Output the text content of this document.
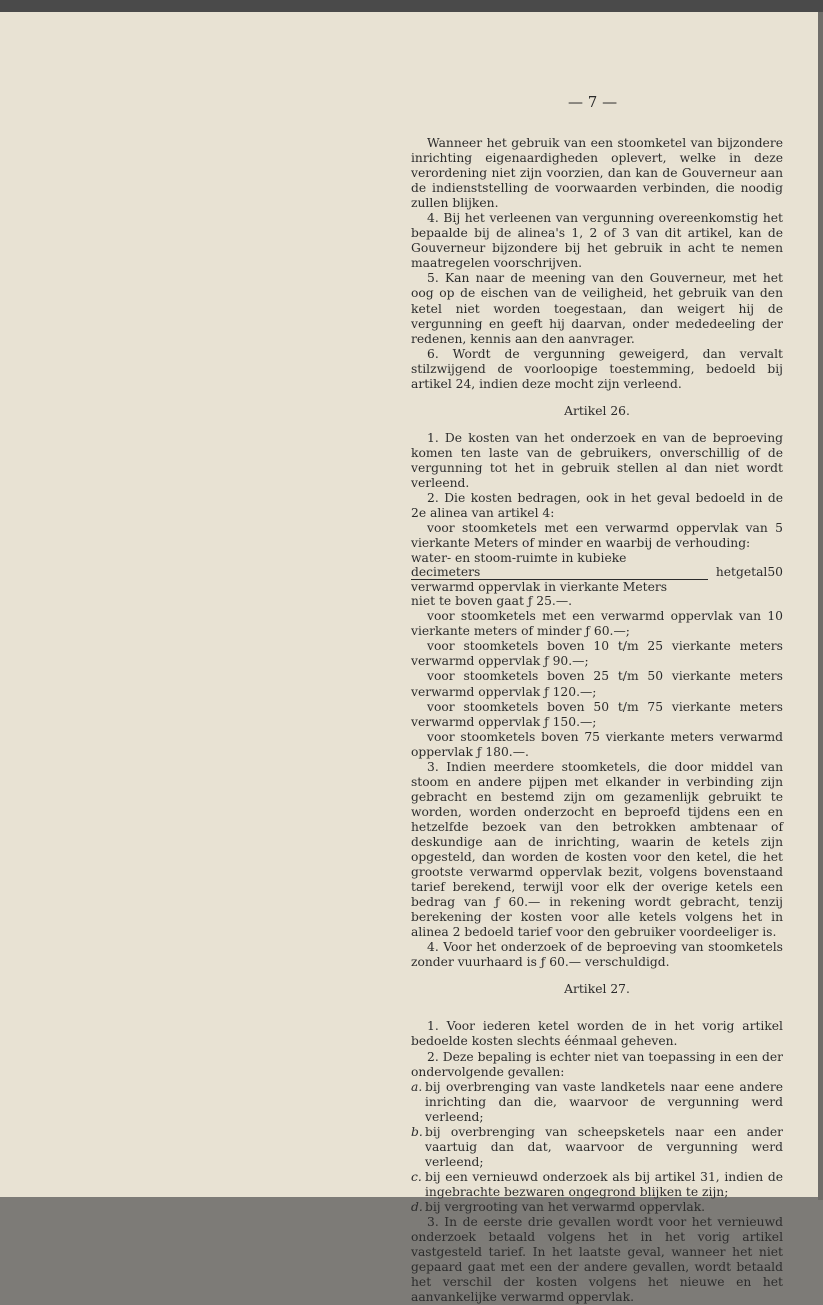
— 7 —

Wanneer het gebruik van een stoomketel van bijzondere inrichting eigenaardigheden oplevert, welke in deze verordening niet zijn voorzien, dan kan de Gouverneur aan de indienststelling de voorwaarden verbinden, die noodig zullen blijken.

4. Bij het verleenen van vergunning overeenkomstig het bepaalde bij de alinea's 1, 2 of 3 van dit artikel, kan de Gouverneur bijzondere bij het gebruik in acht te nemen maatregelen voorschrijven.

5. Kan naar de meening van den Gouverneur, met het oog op de eischen van de veiligheid, het gebruik van den ketel niet worden toegestaan, dan weigert hij de vergunning en geeft hij daarvan, onder mededeeling der redenen, kennis aan den aanvrager.

6. Wordt de vergunning geweigerd, dan vervalt stilzwijgend de voorloopige toestemming, bedoeld bij artikel 24, indien deze mocht zijn verleend.

Artikel 26.

1. De kosten van het onderzoek en van de beproeving komen ten laste van de gebruikers, onverschillig of de vergunning tot het in gebruik stellen al dan niet wordt verleend.

2. Die kosten bedragen, ook in het geval bedoeld in de 2e alinea van artikel 4:

voor stoomketels met een verwarmd oppervlak van 5 vierkante Meters of minder en waarbij de verhouding:

$\frac{\text{water- en stoom-ruimte in kubieke decimeters}}{\text{verwarmd oppervlak in vierkante Meters}}$ het getal 50

niet te boven gaat ƒ 25.—.

voor stoomketels met een verwarmd oppervlak van 10 vierkante meters of minder ƒ 60.—;

voor stoomketels boven 10 t/m 25 vierkante meters verwarmd oppervlak ƒ 90.—;

voor stoomketels boven 25 t/m 50 vierkante meters verwarmd oppervlak ƒ 120.—;

voor stoomketels boven 50 t/m 75 vierkante meters verwarmd oppervlak ƒ 150.—;

voor stoomketels boven 75 vierkante meters verwarmd oppervlak ƒ 180.—.

3. Indien meerdere stoomketels, die door middel van stoom en andere pijpen met elkander in verbinding zijn gebracht en bestemd zijn om gezamenlijk gebruikt te worden, worden onderzocht en beproefd tijdens een en hetzelfde bezoek van den betrokken ambtenaar of deskundige aan de inrichting, waarin de ketels zijn opgesteld, dan worden de kosten voor den ketel, die het grootste verwarmd oppervlak bezit, volgens bovenstaand tarief berekend, terwijl voor elk der overige ketels een bedrag van ƒ 60.— in rekening wordt gebracht, tenzij berekening der kosten voor alle ketels volgens het in alinea 2 bedoeld tarief voor den gebruiker voordeeliger is.

4. Voor het onderzoek of de beproeving van stoomketels zonder vuurhaard is ƒ 60.— verschuldigd.

Artikel 27.

1. Voor iederen ketel worden de in het vorig artikel bedoelde kosten slechts éénmaal geheven.

2. Deze bepaling is echter niet van toepassing in een der ondervolgende gevallen:

a. bij overbrenging van vaste landketels naar eene andere inrichting dan die, waarvoor de vergunning werd verleend;

b. bij overbrenging van scheepsketels naar een ander vaartuig dan dat, waarvoor de vergunning werd verleend;

c. bij een vernieuwd onderzoek als bij artikel 31, indien de ingebrachte bezwaren ongegrond blijken te zijn;

d. bij vergrooting van het verwarmd oppervlak.

3. In de eerste drie gevallen wordt voor het vernieuwd onderzoek betaald volgens het in het vorig artikel vastgesteld tarief. In het laatste geval, wanneer het niet gepaard gaat met een der andere gevallen, wordt betaald het verschil der kosten volgens het nieuwe en het aanvankelijke verwarmd oppervlak.
